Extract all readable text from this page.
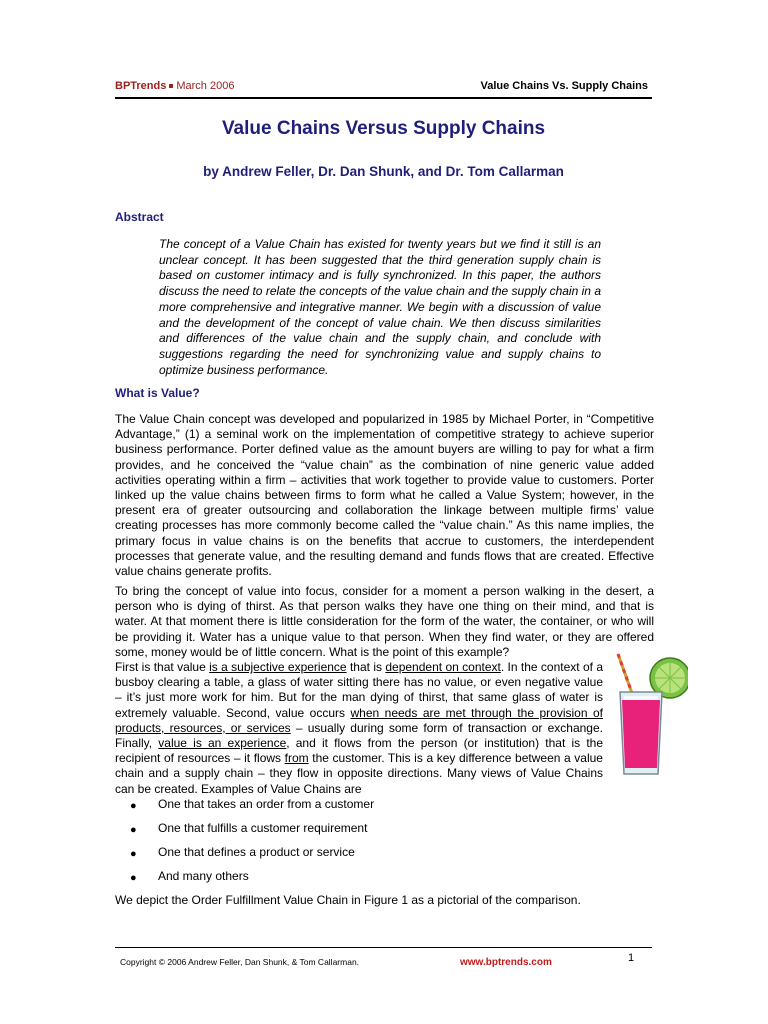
BPTrends March 2006	Value Chains Vs. Supply Chains
Value Chains Versus Supply Chains
by Andrew Feller, Dr. Dan Shunk, and Dr. Tom Callarman
Abstract
The concept of a Value Chain has existed for twenty years but we find it still is an unclear concept. It has been suggested that the third generation supply chain is based on customer intimacy and is fully synchronized. In this paper, the authors discuss the need to relate the concepts of the value chain and the supply chain in a more comprehensive and integrative manner. We begin with a discussion of value and the development of the concept of value chain. We then discuss similarities and differences of the value chain and the supply chain, and conclude with suggestions regarding the need for synchronizing value and supply chains to optimize business performance.
What is Value?
The Value Chain concept was developed and popularized in 1985 by Michael Porter, in “Competitive Advantage,” (1) a seminal work on the implementation of competitive strategy to achieve superior business performance. Porter defined value as the amount buyers are willing to pay for what a firm provides, and he conceived the “value chain” as the combination of nine generic value added activities operating within a firm – activities that work together to provide value to customers. Porter linked up the value chains between firms to form what he called a Value System; however, in the present era of greater outsourcing and collaboration the linkage between multiple firms’ value creating processes has more commonly become called the “value chain.” As this name implies, the primary focus in value chains is on the benefits that accrue to customers, the interdependent processes that generate value, and the resulting demand and funds flows that are created. Effective value chains generate profits.
To bring the concept of value into focus, consider for a moment a person walking in the desert, a person who is dying of thirst. As that person walks they have one thing on their mind, and that is water. At that moment there is little consideration for the form of the water, the container, or who will be providing it. Water has a unique value to that person. When they find water, or they are offered some, money would be of little concern. What is the point of this example?
First is that value is a subjective experience that is dependent on context. In the context of a busboy clearing a table, a glass of water sitting there has no value, or even negative value – it’s just more work for him. But for the man dying of thirst, that same glass of water is extremely valuable. Second, value occurs when needs are met through the provision of products, resources, or services – usually during some form of transaction or exchange. Finally, value is an experience, and it flows from the person (or institution) that is the recipient of resources – it flows from the customer. This is a key difference between a value chain and a supply chain – they flow in opposite directions. Many views of Value Chains can be created. Examples of Value Chains are
● One that takes an order from a customer
● One that fulfills a customer requirement
● One that defines a product or service
● And many others
We depict the Order Fulfillment Value Chain in Figure 1 as a pictorial of the comparison.
Copyright © 2006 Andrew Feller, Dan Shunk, & Tom Callarman.	www.bptrends.com	1
